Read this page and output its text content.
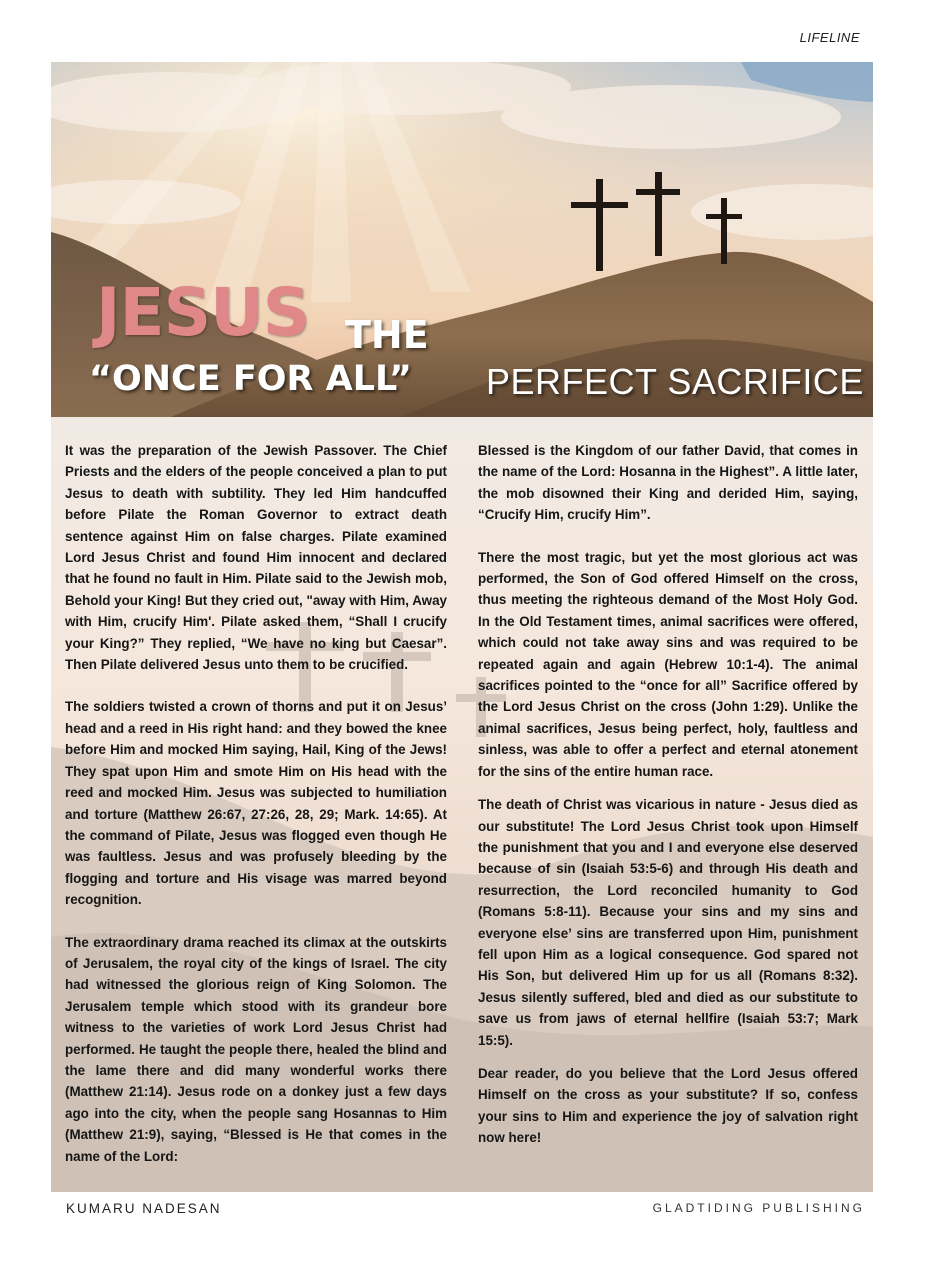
LIFELINE
JESUS THE
“ONCE FOR ALL” PERFECT SACRIFICE

It was the preparation of the Jewish Passover. The Chief Priests and the elders of the people conceived a plan to put Jesus to death with subtility. They led Him handcuffed before Pilate the Roman Governor to extract death sentence against Him on false charges. Pilate examined Lord Jesus Christ and found Him innocent and declared that he found no fault in Him. Pilate said to the Jewish mob, Behold your King! But they cried out, "away with Him, Away with Him, crucify Him'. Pilate asked them, “Shall I crucify your King?” They replied, “We have no king but Caesar”. Then Pilate delivered Jesus unto them to be crucified.

The soldiers twisted a crown of thorns and put it on Jesus’ head and a reed in His right hand: and they bowed the knee before Him and mocked Him saying, Hail, King of the Jews! They spat upon Him and smote Him on His head with the reed and mocked Him. Jesus was subjected to humiliation and torture (Matthew 26:67, 27:26, 28, 29; Mark. 14:65). At the command of Pilate, Jesus was flogged even though He was faultless. Jesus and was profusely bleeding by the flogging and torture and His visage was marred beyond recognition.

The extraordinary drama reached its climax at the outskirts of Jerusalem, the royal city of the kings of Israel. The city had witnessed the glorious reign of King Solomon. The Jerusalem temple which stood with its grandeur bore witness to the varieties of work Lord Jesus Christ had performed. He taught the people there, healed the blind and the lame there and did many wonderful works there (Matthew 21:14). Jesus rode on a donkey just a few days ago into the city, when the people sang Hosannas to Him (Matthew 21:9), saying, “Blessed is He that comes in the name of the Lord:

Blessed is the Kingdom of our father David, that comes in the name of the Lord: Hosanna in the Highest”. A little later, the mob disowned their King and derided Him, saying, “Crucify Him, crucify Him”.

There the most tragic, but yet the most glorious act was performed, the Son of God offered Himself on the cross, thus meeting the righteous demand of the Most Holy God. In the Old Testament times, animal sacrifices were offered, which could not take away sins and was required to be repeated again and again (Hebrew 10:1-4). The animal sacrifices pointed to the “once for all” Sacrifice offered by the Lord Jesus Christ on the cross (John 1:29). Unlike the animal sacrifices, Jesus being perfect, holy, faultless and sinless, was able to offer a perfect and eternal atonement for the sins of the entire human race.

The death of Christ was vicarious in nature - Jesus died as our substitute! The Lord Jesus Christ took upon Himself the punishment that you and I and everyone else deserved because of sin (Isaiah 53:5-6) and through His death and resurrection, the Lord reconciled humanity to God (Romans 5:8-11). Because your sins and my sins and everyone else’ sins are transferred upon Him, punishment fell upon Him as a logical consequence. God spared not His Son, but delivered Him up for us all (Romans 8:32). Jesus silently suffered, bled and died as our substitute to save us from jaws of eternal hellfire (Isaiah 53:7; Mark 15:5).

Dear reader, do you believe that the Lord Jesus offered Himself on the cross as your substitute? If so, confess your sins to Him and experience the joy of salvation right now here!

KUMARU NADESAN	GLADTIDING PUBLISHING
